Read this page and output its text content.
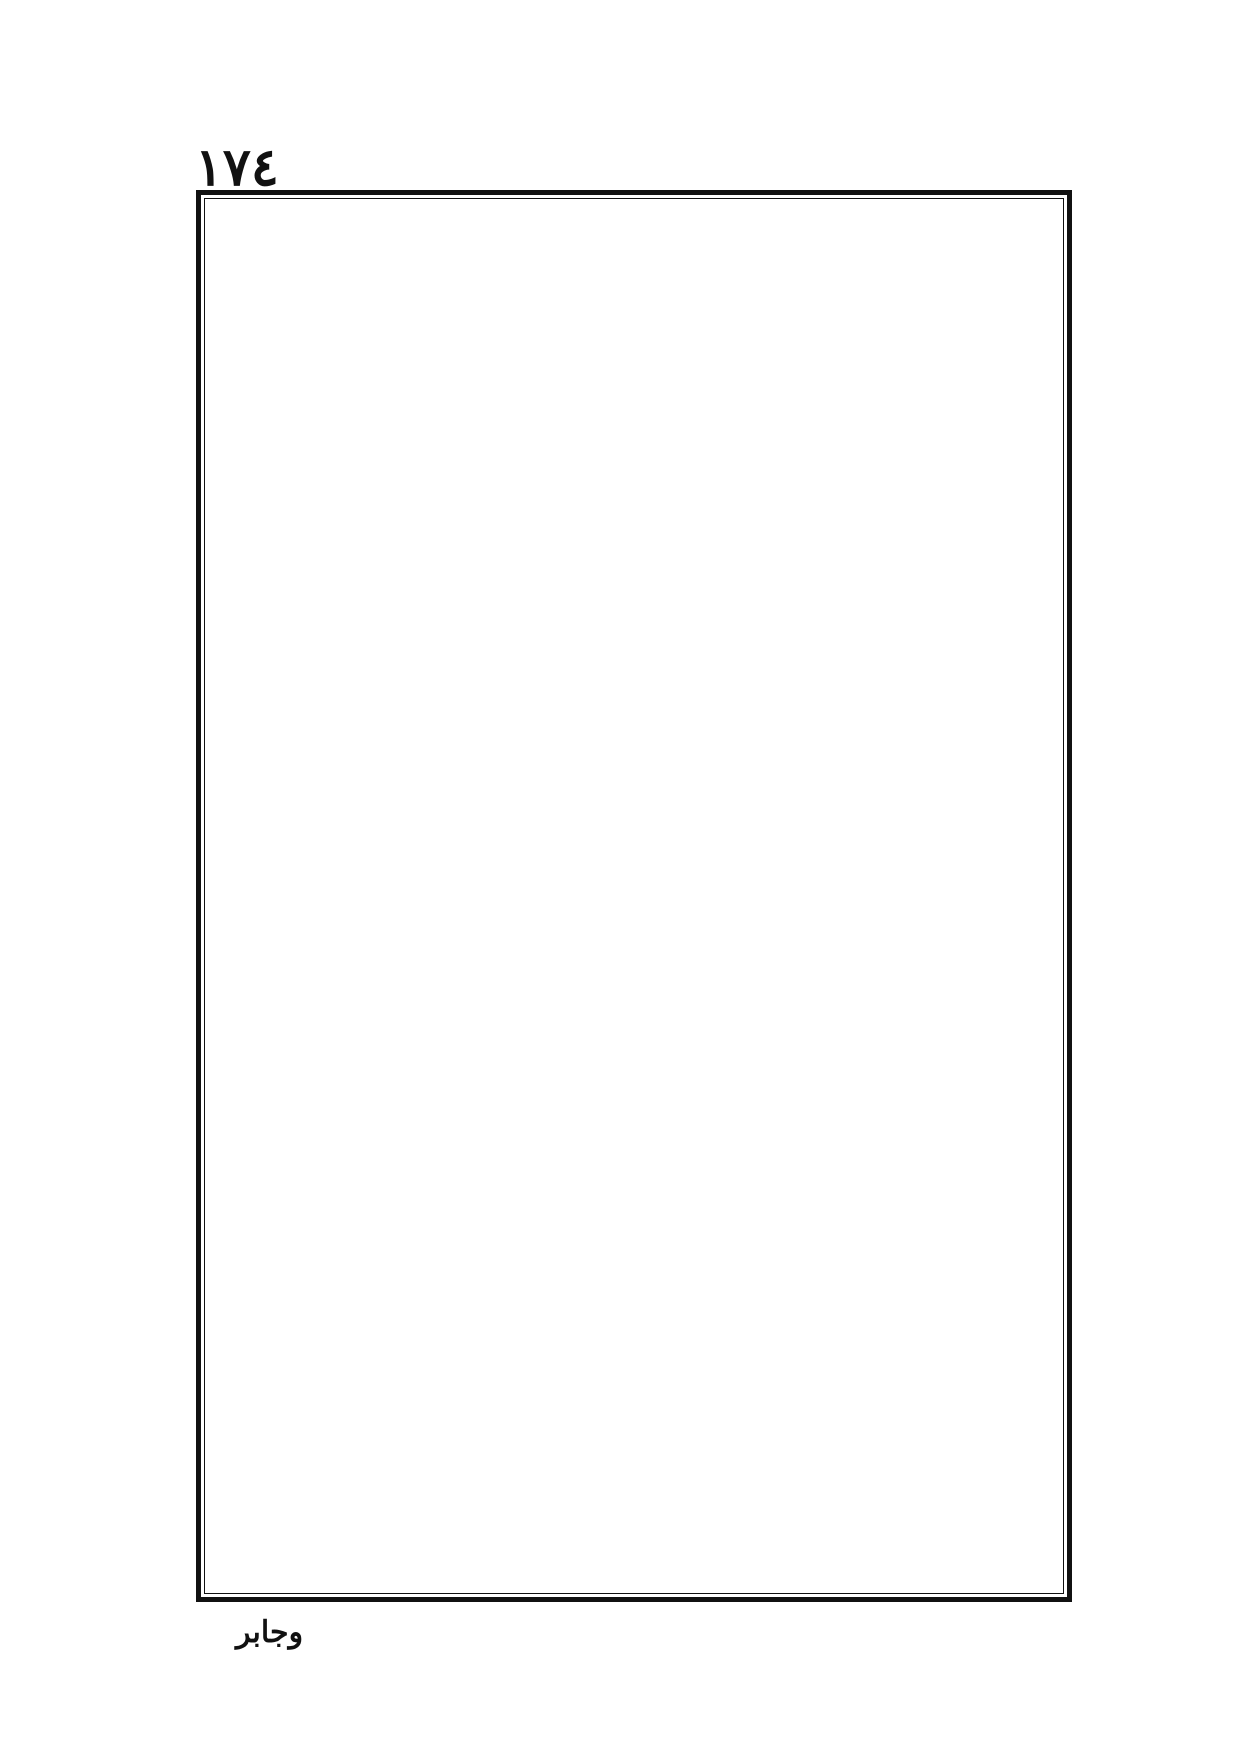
١٧٤
وجابر
